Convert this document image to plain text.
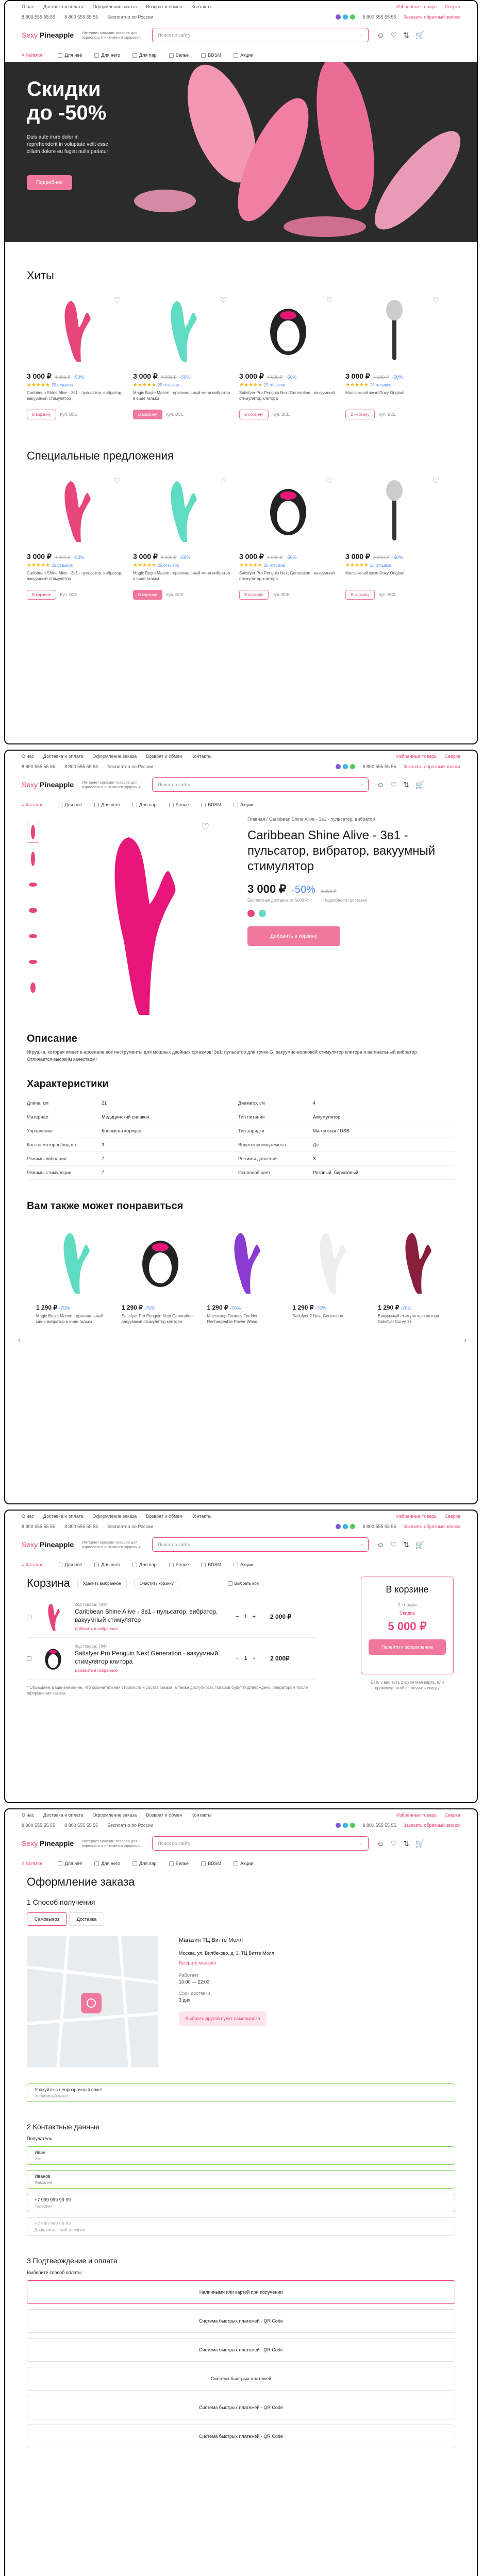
О нас Доставка и оплата Оформление заказа Возврат и обмен Контакты	Избранные товары Сверка
8 800 555 55 55 8 800 555 55 55 Бесплатно по России	8 800 555 55 55 Заказать обратный звонок
Sexy Pineapple Интернет магазин товаров для взрослого и интимного здоровья	Поиск по сайту	⌕ ☺ ♡ ⇅ 🛒
≡ Каталог	Для неё	Для него	Для пар	Белье	BDSM	Акции
Скидки до -50%

Duis aute irure dolor in reprehenderit in voluptate velit esse cillum dolore eu fugiat nulla pariatur

Подробнее
Хиты
♡
3 000 ₽ 4 000 ₽ -50%
★★★★★ 25 отзывов
Caribbean Shine Alive - 3в1 - пульсатор, вибратор, вакуумный стимулятор
В корзину	Куп. ВСЕ
♡
3 000 ₽ 4 000 ₽ -50%
★★★★★ 25 отзывов
Magic Bugle Mason - оригинальный мини вибратор в виде гальки
В корзину	Куп. ВСЕ
♡
3 000 ₽ 4 000 ₽ -50%
★★★★★ 25 отзывов
Satisfyer Pro Penguin Next Generation - вакуумный стимулятор клитора
В корзину	Куп. ВСЕ
♡
3 000 ₽ 4 000 ₽ -50%
★★★★★ 25 отзывов
Массажный жезл Doxy Original
В корзину	Куп. ВСЕ
Специальные предложения
♡
3 000 ₽ 4 000 ₽ -50%
★★★★★ 25 отзывов
Caribbean Shine Alive - 3в1 - пульсатор, вибратор, вакуумный стимулятор
В корзину	Куп. ВСЕ
♡
3 000 ₽ 4 000 ₽ -50%
★★★★★ 25 отзывов
Magic Bugle Mason - оригинальный мини вибратор в виде гальки
В корзину	Куп. ВСЕ
♡
3 000 ₽ 4 000 ₽ -50%
★★★★★ 25 отзывов
Satisfyer Pro Penguin Next Generation - вакуумный стимулятор клитора
В корзину	Куп. ВСЕ
♡
3 000 ₽ 4 000 ₽ -50%
★★★★★ 25 отзывов
Массажный жезл Doxy Original
В корзину	Куп. ВСЕ
О нас Доставка и оплата Оформление заказа Возврат и обмен Контакты	Избранные товары Сверка
8 800 555 55 55 8 800 555 55 55 Бесплатно по России	8 800 555 55 55 Заказать обратный звонок
Sexy Pineapple Интернет магазин товаров для взрослого и интимного здоровья	Поиск по сайту	⌕ ☺ ♡ ⇅ 🛒
≡ Каталог	Для неё	Для него	Для пар	Белье	BDSM	Акции
♡
Главная / Caribbean Shine Alive - 3в1 - пульсатор, вибратор
Caribbean Shine Alive - 3в1 - пульсатор, вибратор, вакуумный стимулятор
3 000 ₽ -50% 4 000 ₽
Бесплатная доставка от 5000 ₽	Подробности доставки
Добавить в корзину
Описание
Игрушка, которая имеет в арсенале все инструменты для мощных двойных оргазмов! 3в1: пульсатор для точки G, вакуумно-волновой стимулятор клитора и вагинальный вибратор. Отличается высоким качеством!
Характеристики
Длина, см	21	Диаметр, см	4
Материал	Медицинский силикон	Тип питания	Аккумулятор
Управление	Кнопки на корпусе	Тип зарядки	Магнитная / USB
Кол-во моторов/вид шт.	3	Водонепроницаемость	Да
Режимы вибрации	7	Режимы давления	3
Режимы стимуляции	7	Основной цвет	Розовый, бирюзовый
Вам также может понравиться
1 290 ₽ -70%
Magic Bugle Mason - оригинальный мини вибратор в виде гальки
1 290 ₽ -70%
Satisfyer Pro Penguin Next Generation - вакуумный стимулятор клитора
1 290 ₽ -70%
Массажер Fantasy For Her Rechargeable Power Wand
1 290 ₽ -70%
Satisfyer 2 Next Generation
1 290 ₽ -70%
Вакуумный стимулятор клитора Satisfyer Curvy 1+
‹	›
О нас Доставка и оплата Оформление заказа Возврат и обмен Контакты	Избранные товары Сверка
8 800 555 55 55 8 800 555 55 55 Бесплатно по России	8 800 555 55 55 Заказать обратный звонок
Sexy Pineapple Интернет магазин товаров для взрослого и интимного здоровья	Поиск по сайту	⌕ ☺ ♡ ⇅ 🛒
≡ Каталог	Для неё	Для него	Для пар	Белье	BDSM	Акции
Корзина	Удалить выбранное	Очистить корзину	Выбрать все
Код товара: 7844
Caribbean Shine Alive - 3в1 - пульсатор, вибратор, вакуумный стимулятор
Добавить в избранное
− 1 + 2 000 ₽
Код товара: 7844
Satisfyer Pro Penguin Next Generation - вакуумный стимулятор клитора
Добавить в избранное
− 1 + 2 000₽
* Обращаем Ваше внимание, что окончательная стоимость и состав заказа, а также доступность товаров будут подтверждены оператором после оформления заказа.
В корзине
2 товара
Скидка
5 000 ₽
Перейти к оформлению
Есть у вас есть дисконтная карта, или промокод, чтобы получить скидку
О нас Доставка и оплата Оформление заказа Возврат и обмен Контакты	Избранные товары Сверка
8 800 555 55 55 8 800 555 55 55 Бесплатно по России	8 800 555 55 55 Заказать обратный звонок
Sexy Pineapple Интернет магазин товаров для взрослого и интимного здоровья	Поиск по сайту	⌕ ☺ ♡ ⇅ 🛒
≡ Каталог	Для неё	Для него	Для пар	Белье	BDSM	Акции
Оформление заказа
1 Способ получения
Самовывоз	Доставка
Магазин ТЦ Витте Молл
Москва, ул. Вилбеково, д. 3, ТЦ Витте Молл
Выбрать магазин
Работает
10:00 — 22:00
Срок доставки
3 дня
Выбрать другой пункт самовывоза
Упакуйте в непрозрачный пакет
Анонимный пакет
2 Контактные данные
Получатель
Иван
Имя
Иванов
Фамилия
+7 999 999 99 99
Телефон
+7 999 999 99 99
Дополнительный телефон
3 Подтверждение и оплата
Выберите способ оплаты
Наличными или картой при получении
Система быстрых платежей - QR Code
Система быстрых платежей - QR Code
Система быстрых платежей
Система быстрых платежей - QR Code
Система быстрых платежей - QR Code
